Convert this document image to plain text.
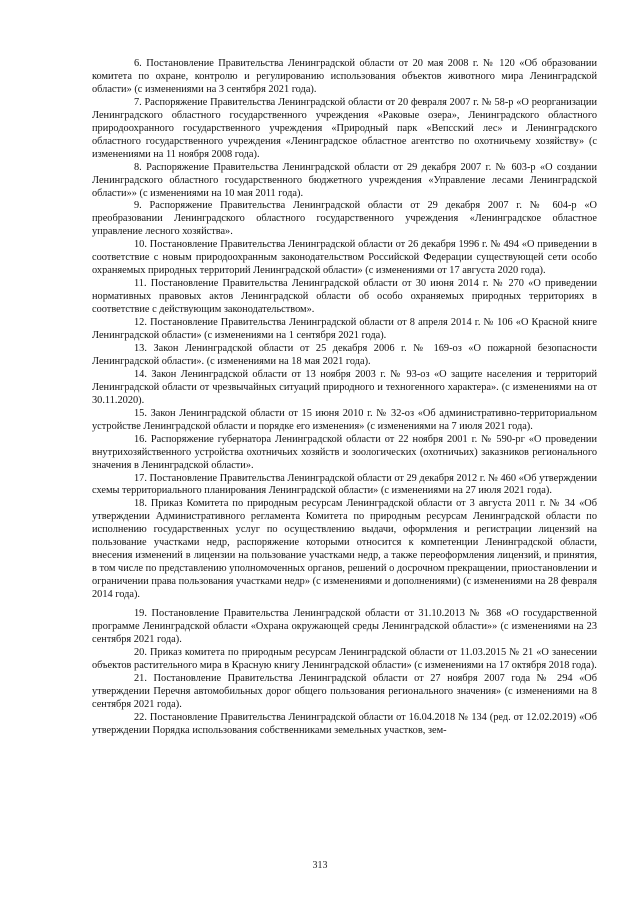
6. Постановление Правительства Ленинградской области от 20 мая 2008 г. № 120 «Об образовании комитета по охране, контролю и регулированию использования объектов животного мира Ленинградской области» (с изменениями на 3 сентября 2021 года).

7. Распоряжение Правительства Ленинградской области от 20 февраля 2007 г. № 58-р «О реорганизации Ленинградского областного государственного учреждения «Раковые озера», Ленинградского областного природоохранного государственного учреждения «Природный парк «Вепсский лес» и Ленинградского областного государственного учреждения «Ленинградское областное агентство по охотничьему хозяйству» (с изменениями на 11 ноября 2008 года).

8. Распоряжение Правительства Ленинградской области от 29 декабря 2007 г. № 603-р «О создании Ленинградского областного государственного бюджетного учреждения «Управление лесами Ленинградской области»» (с изменениями на 10 мая 2011 года).

9. Распоряжение Правительства Ленинградской области от 29 декабря 2007 г. № 604-р «О преобразовании Ленинградского областного государственного учреждения «Ленинградское областное управление лесного хозяйства».

10. Постановление Правительства Ленинградской области от 26 декабря 1996 г. № 494 «О приведении в соответствие с новым природоохранным законодательством Российской Федерации существующей сети особо охраняемых природных территорий Ленинградской области» (с изменениями от 17 августа 2020 года).

11. Постановление Правительства Ленинградской области от 30 июня 2014 г. № 270 «О приведении нормативных правовых актов Ленинградской области об особо охраняемых природных территориях в соответствие с действующим законодательством».

12. Постановление Правительства Ленинградской области от 8 апреля 2014 г. № 106 «О Красной книге Ленинградской области» (с изменениями на 1 сентября 2021 года).

13. Закон Ленинградской области от 25 декабря 2006 г. № 169-оз «О пожарной безопасности Ленинградской области». (с изменениями на 18 мая 2021 года).

14. Закон Ленинградской области от 13 ноября 2003 г. № 93-оз «О защите населения и территорий Ленинградской области от чрезвычайных ситуаций природного и техногенного характера». (с изменениями на от 30.11.2020).

15. Закон Ленинградской области от 15 июня 2010 г. № 32-оз «Об административно-территориальном устройстве Ленинградской области и порядке его изменения» (с изменениями на 7 июля 2021 года).

16. Распоряжение губернатора Ленинградской области от 22 ноября 2001 г. № 590-рг «О проведении внутрихозяйственного устройства охотничьих хозяйств и зоологических (охотничьих) заказников регионального значения в Ленинградской области».

17. Постановление Правительства Ленинградской области от 29 декабря 2012 г. № 460 «Об утверждении схемы территориального планирования Ленинградской области» (с изменениями на 27 июля 2021 года).

18. Приказ Комитета по природным ресурсам Ленинградской области от 3 августа 2011 г. № 34 «Об утверждении Административного регламента Комитета по природным ресурсам Ленинградской области по исполнению государственных услуг по осуществлению выдачи, оформления и регистрации лицензий на пользование участками недр, распоряжение которыми относится к компетенции Ленинградской области, внесения изменений в лицензии на пользование участками недр, а также переоформления лицензий, и принятия, в том числе по представлению уполномоченных органов, решений о досрочном прекращении, приостановлении и ограничении права пользования участками недр» (с изменениями и дополнениями) (с изменениями на 28 февраля 2014 года).

19. Постановление Правительства Ленинградской области от 31.10.2013 № 368 «О государственной программе Ленинградской области «Охрана окружающей среды Ленинградской области»» (с изменениями на 23 сентября 2021 года).

20. Приказ комитета по природным ресурсам Ленинградской области от 11.03.2015 № 21 «О занесении объектов растительного мира в Красную книгу Ленинградской области» (с изменениями на 17 октября 2018 года).

21. Постановление Правительства Ленинградской области от 27 ноября 2007 года № 294 «Об утверждении Перечня автомобильных дорог общего пользования регионального значения» (с изменениями на 8 сентября 2021 года).

22. Постановление Правительства Ленинградской области от 16.04.2018 № 134 (ред. от 12.02.2019) «Об утверждении Порядка использования собственниками земельных участков, зем-

313
